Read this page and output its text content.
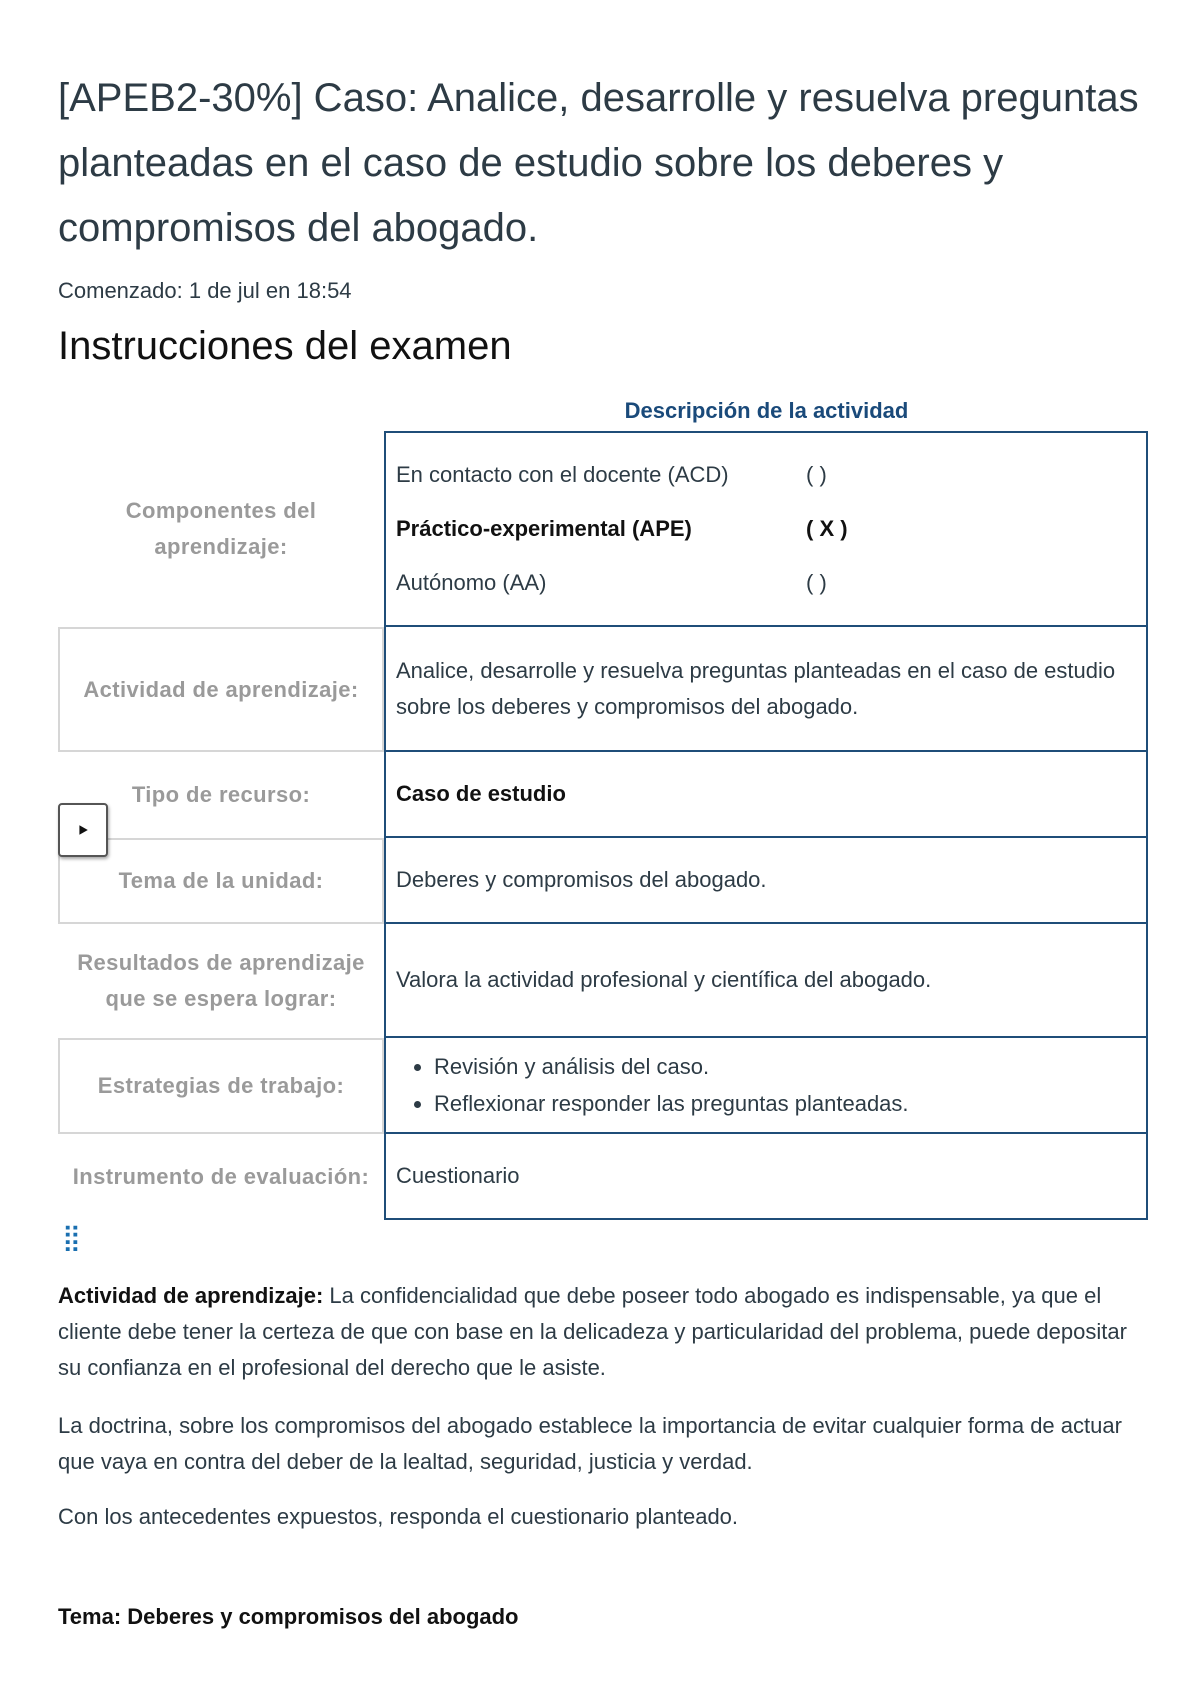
[APEB2-30%] Caso: Analice, desarrolle y resuelva preguntas planteadas en el caso de estudio sobre los deberes y compromisos del abogado.
Comenzado: 1 de jul en 18:54
Instrucciones del examen
Descripción de la actividad
Componentes del aprendizaje:
En contacto con el docente (ACD)	( )
Práctico-experimental (APE)	( X )
Autónomo (AA)	( )
Actividad de aprendizaje:
Analice, desarrolle y resuelva preguntas planteadas en el caso de estudio sobre los deberes y compromisos del abogado.
Tipo de recurso:	Caso de estudio
Tema de la unidad:	Deberes y compromisos del abogado.
Resultados de aprendizaje que se espera lograr:
Valora la actividad profesional y científica del abogado.
Estrategias de trabajo:
• Revisión y análisis del caso.
• Reflexionar responder las preguntas planteadas.
Instrumento de evaluación:	Cuestionario
⣿

Actividad de aprendizaje: La confidencialidad que debe poseer todo abogado es indispensable, ya que el cliente debe tener la certeza de que con base en la delicadeza y particularidad del problema, puede depositar su confianza en el profesional del derecho que le asiste.

La doctrina, sobre los compromisos del abogado establece la importancia de evitar cualquier forma de actuar que vaya en contra del deber de la lealtad, seguridad, justicia y verdad.

Con los antecedentes expuestos, responda el cuestionario planteado.

Tema: Deberes y compromisos del abogado
